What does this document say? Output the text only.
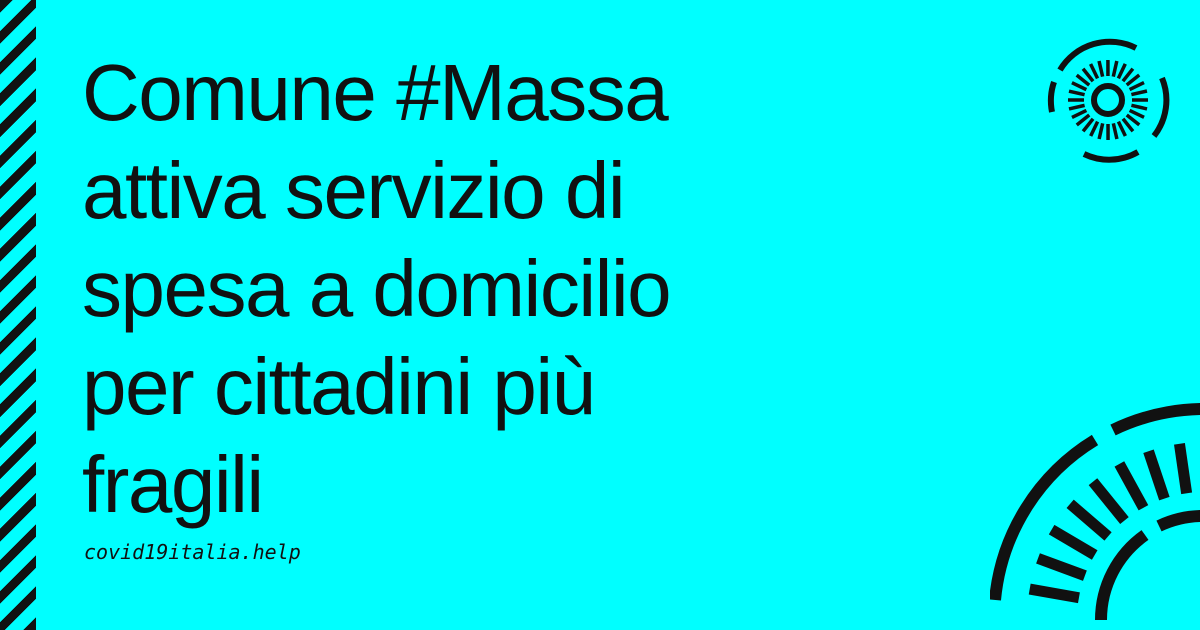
Comune #Massa
attiva servizio di
spesa a domicilio
per cittadini più
fragili
covid19italia.help
